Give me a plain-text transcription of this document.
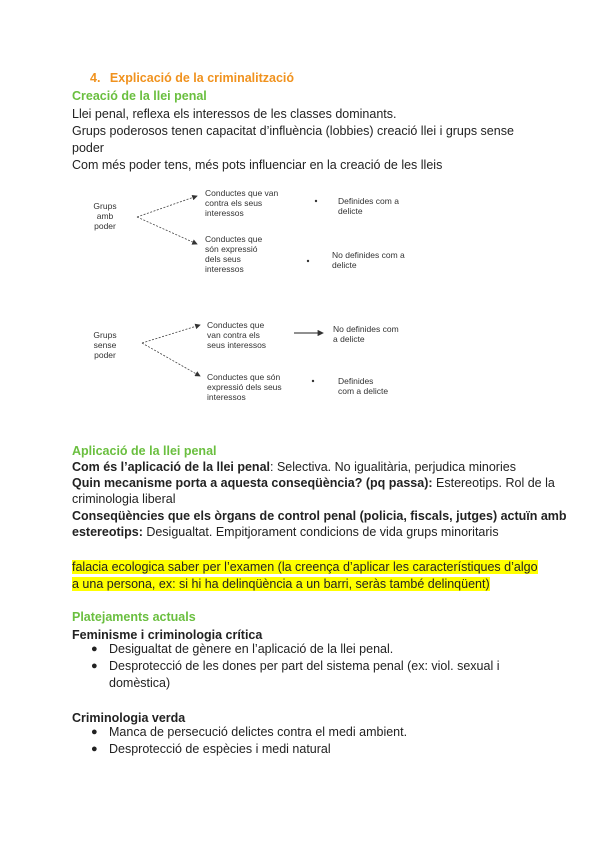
4. Explicació de la criminalització
Creació de la llei penal
Llei penal, reflexa els interessos de les classes dominants.
Grups poderosos tenen capacitat d’influència (lobbies) creació llei i grups sense
poder
Com més poder tens, més pots influenciar en la creació de les lleis
Grups
amb
poder
Conductes que van
contra els seus
interessos
Conductes que
són expressió
dels seus
interessos
Definides com a
delicte
No definides com a
delicte
Grups
sense
poder
Conductes que
van contra els
seus interessos
Conductes que són
expressió dels seus
interessos
No definides com
a delicte
Definides
com a delicte
Aplicació de la llei penal
Com és l’aplicació de la llei penal: Selectiva. No igualitària, perjudica minories
Quin mecanisme porta a aquesta conseqüència? (pq passa): Estereotips. Rol de la
criminologia liberal
Conseqüències que els òrgans de control penal (policia, fiscals, jutges) actuïn amb
estereotips: Desigualtat. Empitjorament condicions de vida grups minoritaris
falacia ecologica saber per l’examen (la creença d’aplicar les característiques d’algo
a una persona, ex: si hi ha delinqüència a un barri, seràs també delinqüent)
Platejaments actuals
Feminisme i criminologia crítica
● Desigualtat de gènere en l’aplicació de la llei penal.
● Desprotecció de les dones per part del sistema penal (ex: viol. sexual i
domèstica)
Criminologia verda
● Manca de persecució delictes contra el medi ambient.
● Desprotecció de espècies i medi natural
